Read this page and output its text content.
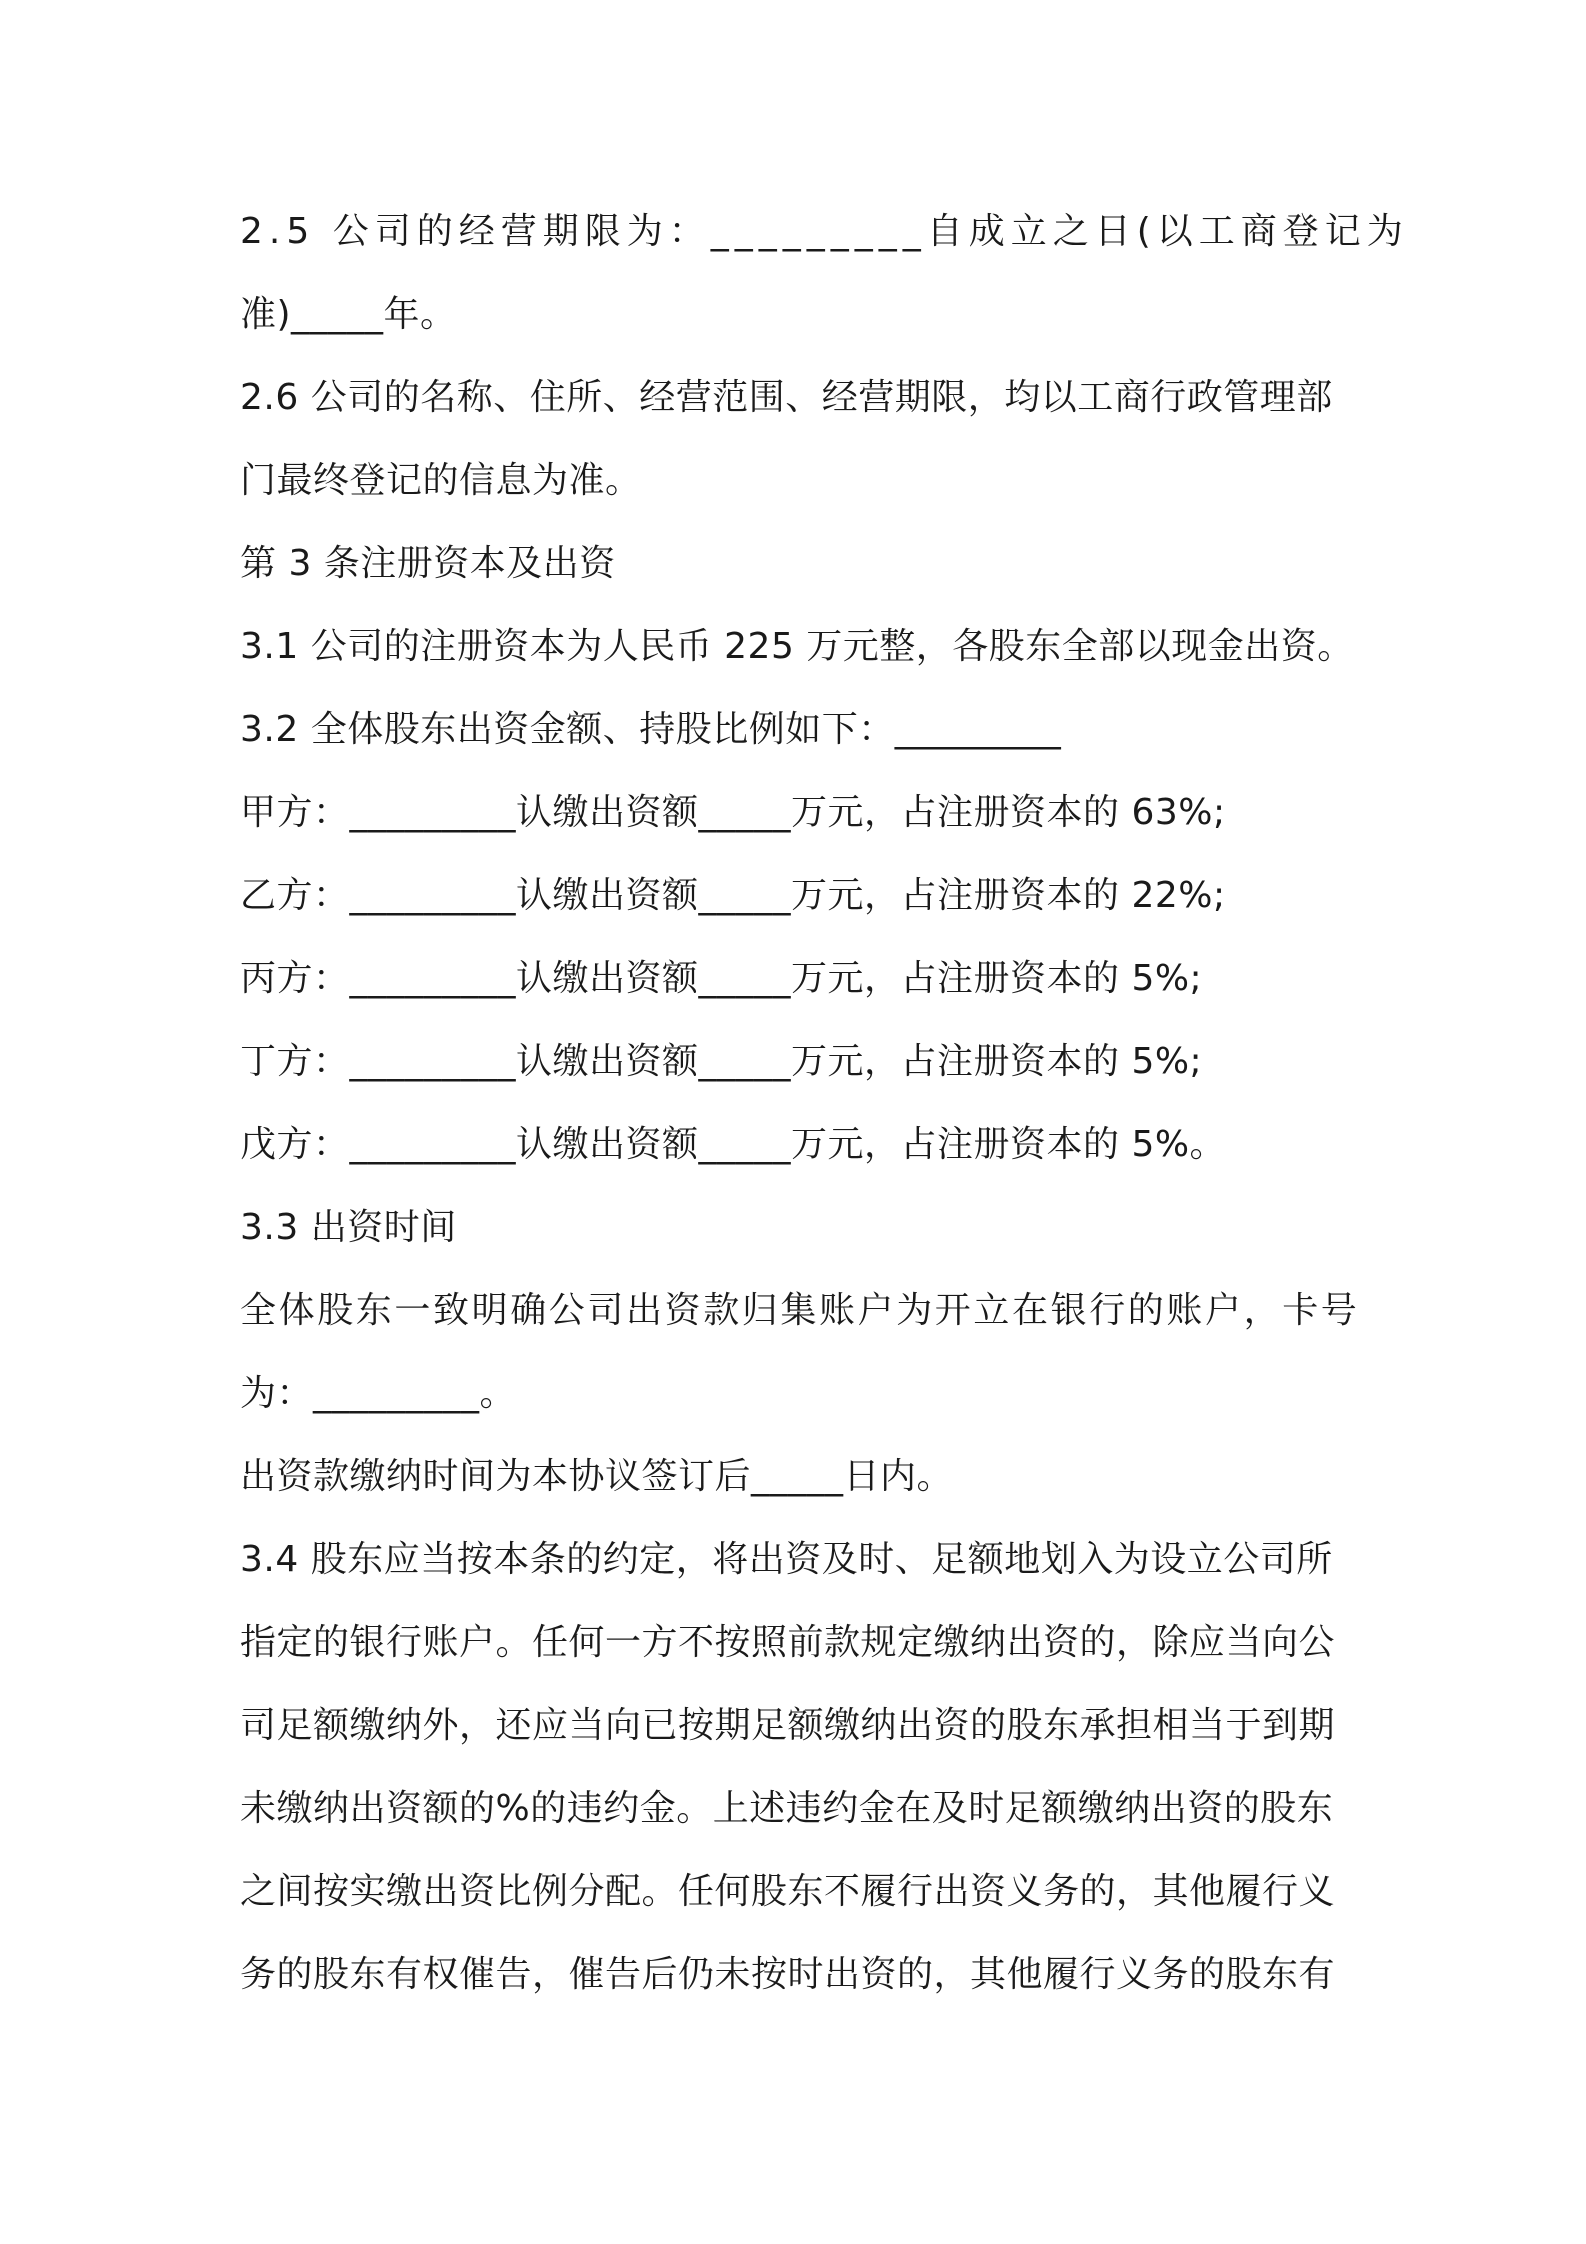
2.5 公司的经营期限为：_________自成立之日(以工商登记为
准)_____年。
2.6 公司的名称、住所、经营范围、经营期限，均以工商行政管理部
门最终登记的信息为准。
第 3 条注册资本及出资
3.1 公司的注册资本为人民币 225 万元整，各股东全部以现金出资。
3.2 全体股东出资金额、持股比例如下：_________
甲方：_________认缴出资额_____万元，占注册资本的 63%;
乙方：_________认缴出资额_____万元，占注册资本的 22%;
丙方：_________认缴出资额_____万元，占注册资本的 5%;
丁方：_________认缴出资额_____万元，占注册资本的 5%;
戊方：_________认缴出资额_____万元，占注册资本的 5%。
3.3 出资时间
全体股东一致明确公司出资款归集账户为开立在银行的账户，卡号
为：_________。
出资款缴纳时间为本协议签订后_____日内。
3.4 股东应当按本条的约定，将出资及时、足额地划入为设立公司所
指定的银行账户。任何一方不按照前款规定缴纳出资的，除应当向公
司足额缴纳外，还应当向已按期足额缴纳出资的股东承担相当于到期
未缴纳出资额的%的违约金。上述违约金在及时足额缴纳出资的股东
之间按实缴出资比例分配。任何股东不履行出资义务的，其他履行义
务的股东有权催告，催告后仍未按时出资的，其他履行义务的股东有
